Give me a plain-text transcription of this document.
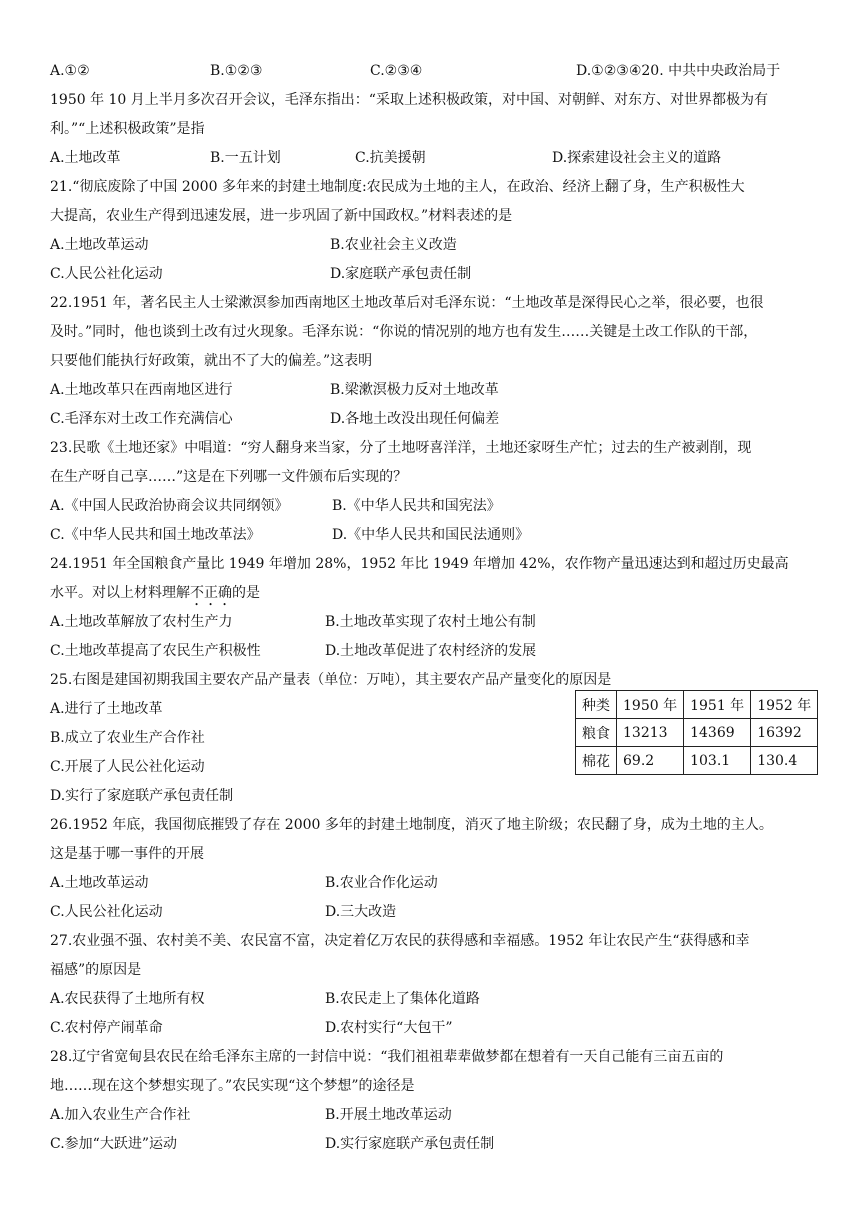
A.①②	B.①②③	C.②③④	D.①②③④20. 中共中央政治局于
1950 年 10 月上半月多次召开会议，毛泽东指出：“采取上述积极政策，对中国、对朝鲜、对东方、对世界都极为有
利。”“上述积极政策”是指
A.土地改革	B.一五计划	C.抗美援朝	D.探索建设社会主义的道路
21.“彻底废除了中国 2000 多年来的封建土地制度:农民成为土地的主人，在政治、经济上翻了身，生产积极性大
大提高，农业生产得到迅速发展，进一步巩固了新中国政权。”材料表述的是
A.土地改革运动	B.农业社会主义改造
C.人民公社化运动	D.家庭联产承包责任制
22.1951 年，著名民主人士梁漱溟参加西南地区土地改革后对毛泽东说：“土地改革是深得民心之举，很必要，也很
及时。”同时，他也谈到土改有过火现象。毛泽东说：“你说的情况别的地方也有发生……关键是土改工作队的干部，
只要他们能执行好政策，就出不了大的偏差。”这表明
A.土地改革只在西南地区进行	B.梁漱溟极力反对土地改革
C.毛泽东对土改工作充满信心	D.各地土改没出现任何偏差
23.民歌《土地还家》中唱道：“穷人翻身来当家，分了土地呀喜洋洋，土地还家呀生产忙；过去的生产被剥削，现
在生产呀自己享……”这是在下列哪一文件颁布后实现的？
A.《中国人民政治协商会议共同纲领》	B.《中华人民共和国宪法》
C.《中华人民共和国土地改革法》	D.《中华人民共和国民法通则》
24.1951 年全国粮食产量比 1949 年增加 28%，1952 年比 1949 年增加 42%，农作物产量迅速达到和超过历史最高
水平。对以上材料理解不正确的是
A.土地改革解放了农村生产力	B.土地改革实现了农村土地公有制
C.土地改革提高了农民生产积极性	D.土地改革促进了农村经济的发展
25.右图是建国初期我国主要农产品产量表（单位：万吨），其主要农产品产量变化的原因是
A.进行了土地改革
B.成立了农业生产合作社
C.开展了人民公社化运动
D.实行了家庭联产承包责任制
26.1952 年底，我国彻底摧毁了存在 2000 多年的封建土地制度，消灭了地主阶级；农民翻了身，成为土地的主人。
这是基于哪一事件的开展
A.土地改革运动	B.农业合作化运动
C.人民公社化运动	D.三大改造
27.农业强不强、农村美不美、农民富不富，决定着亿万农民的获得感和幸福感。1952 年让农民产生“获得感和幸
福感”的原因是
A.农民获得了土地所有权	B.农民走上了集体化道路
C.农村停产闹革命	D.农村实行“大包干”
28.辽宁省宽甸县农民在给毛泽东主席的一封信中说：“我们祖祖辈辈做梦都在想着有一天自己能有三亩五亩的
地……现在这个梦想实现了。”农民实现“这个梦想”的途径是
A.加入农业生产合作社	B.开展土地改革运动
C.参加“大跃进”运动	D.实行家庭联产承包责任制
种类	1950 年	1951 年	1952 年
粮食	13213	14369	16392
棉花	69.2	103.1	130.4
